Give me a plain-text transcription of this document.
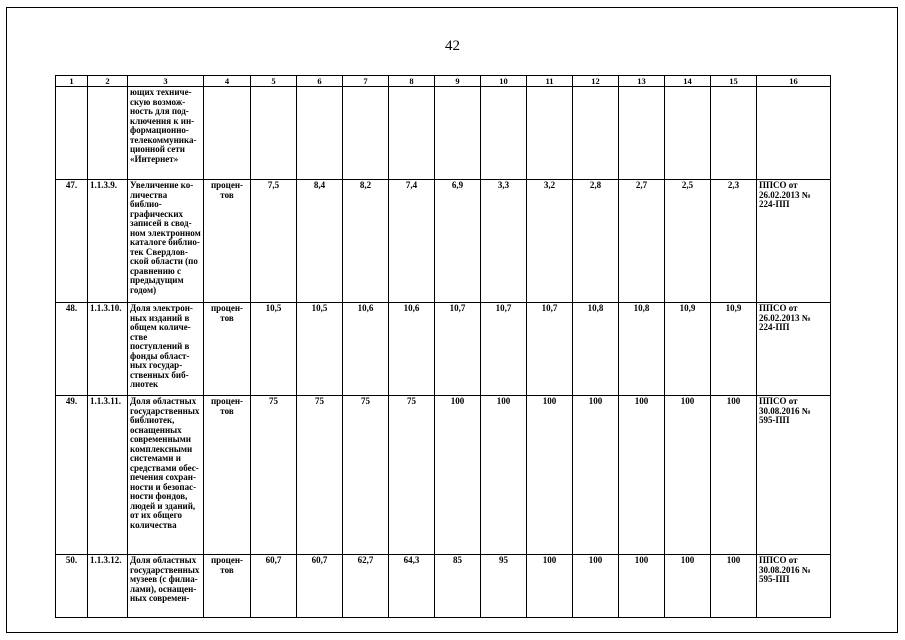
42
1	2	3	4	5	6	7	8	9	10	11	12	13	14	15	16
		ющих техниче-скую возмож-ность для под-ключения к ин-формационно-телекоммуника-ционной сети «Интернет»													
47.	1.1.3.9.	Увеличение ко-личества библио-графических записей в свод-ном электронном каталоге библио-тек Свердлов-ской области (по сравнению с предыдущим годом)	процен-тов	7,5	8,4	8,2	7,4	6,9	3,3	3,2	2,8	2,7	2,5	2,3	ППСО от 26.02.2013 № 224-ПП
48.	1.1.3.10.	Доля электрон-ных изданий в общем количе-стве поступлений в фонды област-ных государ-ственных биб-лиотек	процен-тов	10,5	10,5	10,6	10,6	10,7	10,7	10,7	10,8	10,8	10,9	10,9	ППСО от 26.02.2013 № 224-ПП
49.	1.1.3.11.	Доля областных государственных библиотек, оснащенных современными комплексными системами и средствами обес-печения сохран-ности и безопас-ности фондов, людей и зданий, от их общего количества	процен-тов	75	75	75	75	100	100	100	100	100	100	100	ППСО от 30.08.2016 № 595-ПП
50.	1.1.3.12.	Доля областных государственных музеев (с филиа-лами), оснащен-ных современ-	процен-тов	60,7	60,7	62,7	64,3	85	95	100	100	100	100	100	ППСО от 30.08.2016 № 595-ПП
